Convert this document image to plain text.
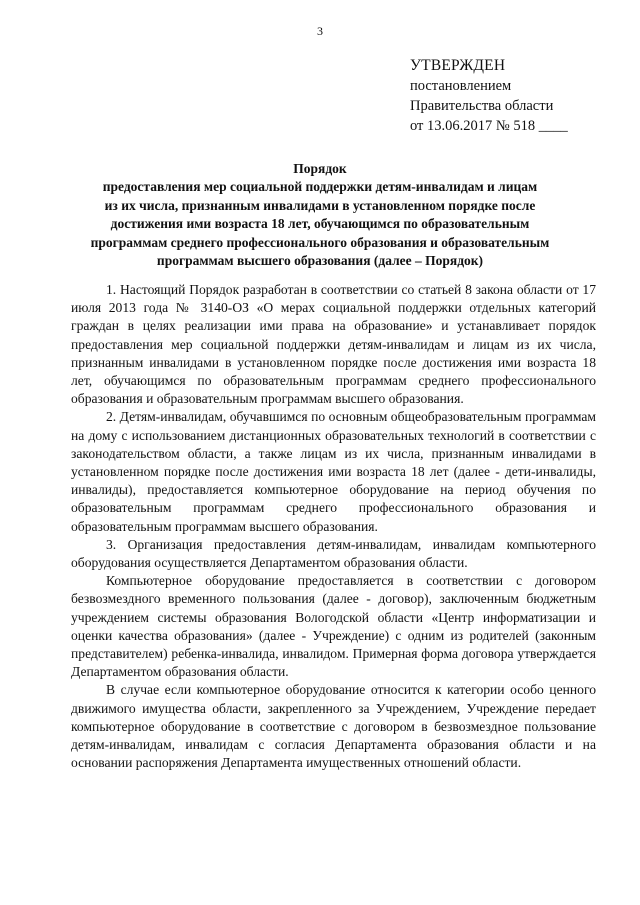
3
УТВЕРЖДЕН
постановлением
Правительства области
от 13.06.2017 № 518 ____
Порядок
предоставления мер социальной поддержки детям-инвалидам и лицам
из их числа, признанным инвалидами в установленном порядке после
достижения ими возраста 18 лет, обучающимся по образовательным
программам среднего профессионального образования и образовательным
программам высшего образования (далее – Порядок)

1. Настоящий Порядок разработан в соответствии со статьей 8 закона области от 17 июля 2013 года № 3140-ОЗ «О мерах социальной поддержки отдельных категорий граждан в целях реализации ими права на образование» и устанавливает порядок предоставления мер социальной поддержки детям-инвалидам и лицам из их числа, признанным инвалидами в установленном порядке после достижения ими возраста 18 лет, обучающимся по образовательным программам среднего профессионального образования и образовательным программам высшего образования.

2. Детям-инвалидам, обучавшимся по основным общеобразовательным программам на дому с использованием дистанционных образовательных технологий в соответствии с законодательством области, а также лицам из их числа, признанным инвалидами в установленном порядке после достижения ими возраста 18 лет (далее - дети-инвалиды, инвалиды), предоставляется компьютерное оборудование на период обучения по образовательным программам среднего профессионального образования и образовательным программам высшего образования.

3. Организация предоставления детям-инвалидам, инвалидам компьютерного оборудования осуществляется Департаментом образования области.

Компьютерное оборудование предоставляется в соответствии с договором безвозмездного временного пользования (далее - договор), заключенным бюджетным учреждением системы образования Вологодской области «Центр информатизации и оценки качества образования» (далее - Учреждение) с одним из родителей (законным представителем) ребенка-инвалида, инвалидом. Примерная форма договора утверждается Департаментом образования области.

В случае если компьютерное оборудование относится к категории особо ценного движимого имущества области, закрепленного за Учреждением, Учреждение передает компьютерное оборудование в соответствие с договором в безвозмездное пользование детям-инвалидам, инвалидам с согласия Департамента образования области и на основании распоряжения Департамента имущественных отношений области.
